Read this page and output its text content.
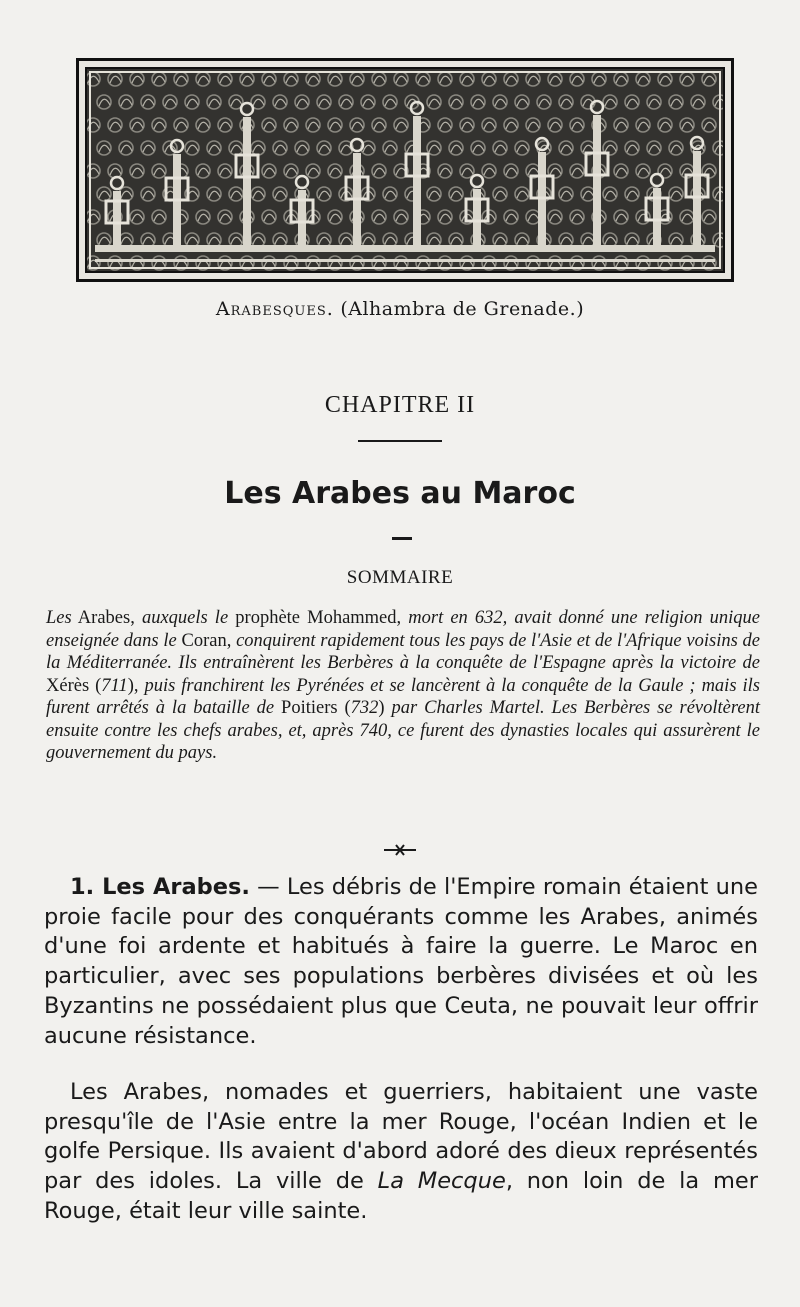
Arabesques. (Alhambra de Grenade.)
CHAPITRE II
Les Arabes au Maroc
SOMMAIRE
Les Arabes, auxquels le prophète Mohammed, mort en 632, avait donné une religion unique enseignée dans le Coran, conquirent rapidement tous les pays de l'Asie et de l'Afrique voisins de la Méditerranée. Ils entraînèrent les Berbères à la conquête de l'Espagne après la victoire de Xérès (711), puis franchirent les Pyrénées et se lancèrent à la conquête de la Gaule ; mais ils furent arrêtés à la bataille de Poitiers (732) par Charles Martel. Les Berbères se révoltèrent ensuite contre les chefs arabes, et, après 740, ce furent des dynasties locales qui assurèrent le gouvernement du pays.
1. Les Arabes. — Les débris de l'Empire romain étaient une proie facile pour des conquérants comme les Arabes, animés d'une foi ardente et habitués à faire la guerre. Le Maroc en particulier, avec ses populations berbères divisées et où les Byzantins ne possédaient plus que Ceuta, ne pouvait leur offrir aucune résistance.
Les Arabes, nomades et guerriers, habitaient une vaste presqu'île de l'Asie entre la mer Rouge, l'océan Indien et le golfe Persique. Ils avaient d'abord adoré des dieux représentés par des idoles. La ville de La Mecque, non loin de la mer Rouge, était leur ville sainte.
